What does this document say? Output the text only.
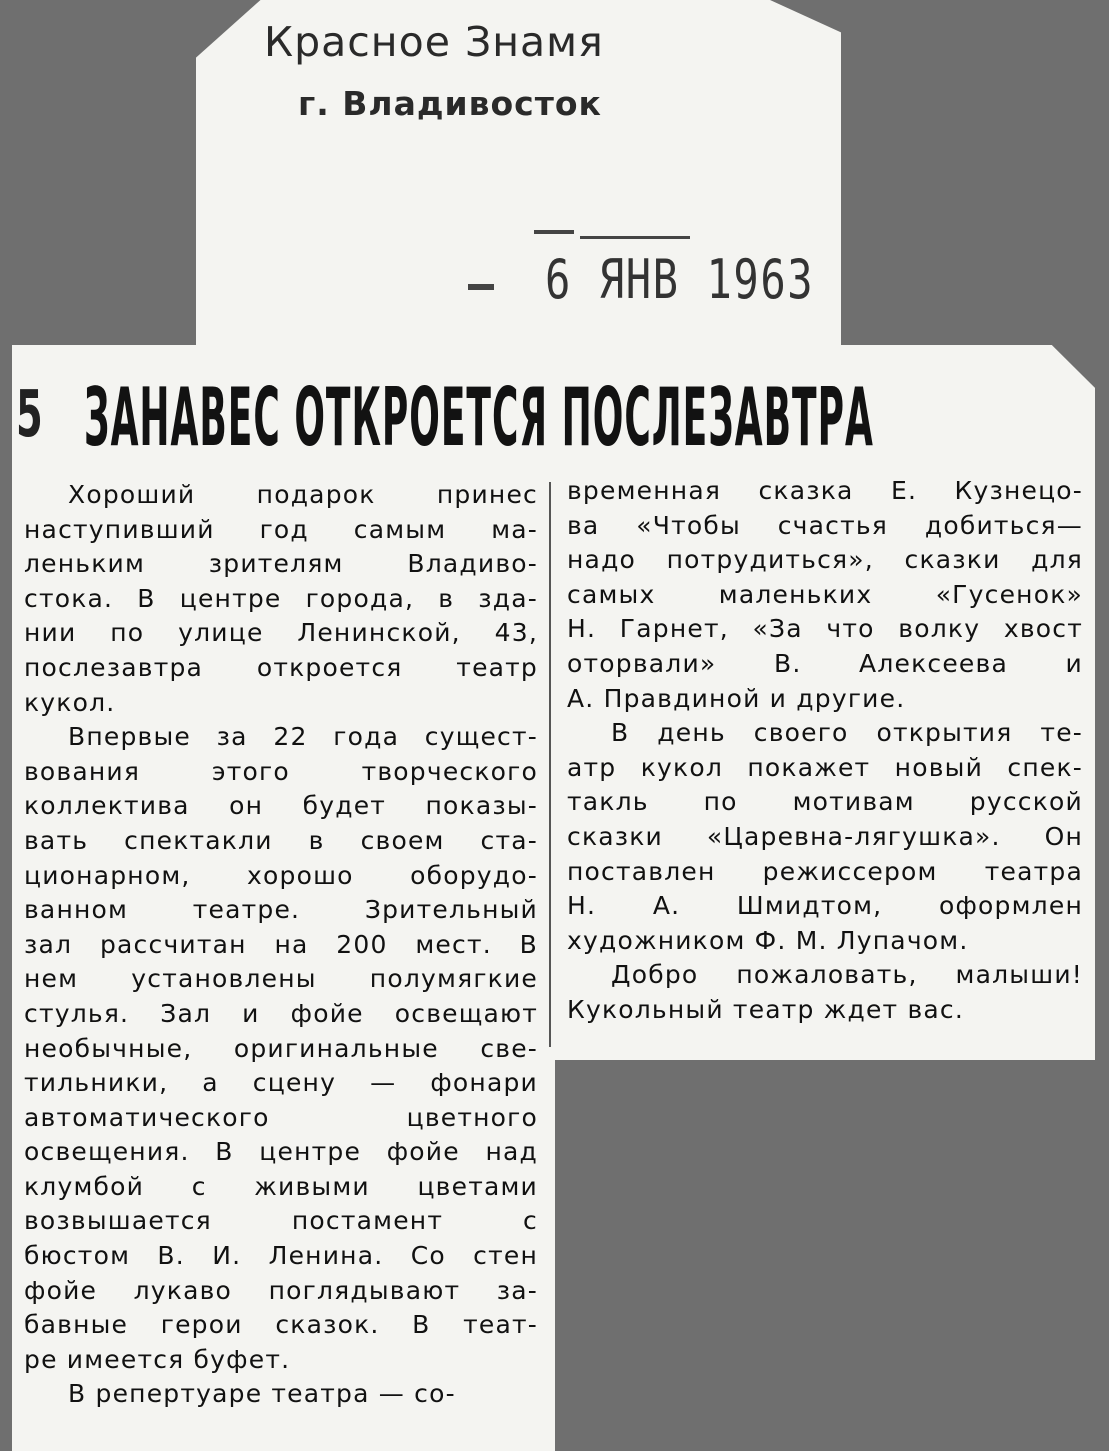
Красное Знамя
г. Владивосток
6 ЯНВ 1963
5 ЗАНАВЕС ОТКРОЕТСЯ ПОСЛЕЗАВТРА
Хороший подарок принес
наступивший год самым ма-
леньким зрителям Владиво-
стока. В центре города, в зда-
нии по улице Ленинской, 43,
послезавтра откроется театр
кукол.
Впервые за 22 года сущест-
вования этого творческого
коллектива он будет показы-
вать спектакли в своем ста-
ционарном, хорошо оборудо-
ванном театре. Зрительный
зал рассчитан на 200 мест. В
нем установлены полумягкие
стулья. Зал и фойе освещают
необычные, оригинальные све-
тильники, а сцену — фонари
автоматического цветного
освещения. В центре фойе над
клумбой с живыми цветами
возвышается постамент с
бюстом В. И. Ленина. Со стен
фойе лукаво поглядывают за-
бавные герои сказок. В теат-
ре имеется буфет.
В репертуаре театра — со-
временная сказка Е. Кузнецо-
ва «Чтобы счастья добиться—
надо потрудиться», сказки для
самых маленьких «Гусенок»
Н. Гарнет, «За что волку хвост
оторвали» В. Алексеева и
А. Правдиной и другие.
В день своего открытия те-
атр кукол покажет новый спек-
такль по мотивам русской
сказки «Царевна-лягушка». Он
поставлен режиссером театра
Н. А. Шмидтом, оформлен
художником Ф. М. Лупачом.
Добро пожаловать, малыши!
Кукольный театр ждет вас.
